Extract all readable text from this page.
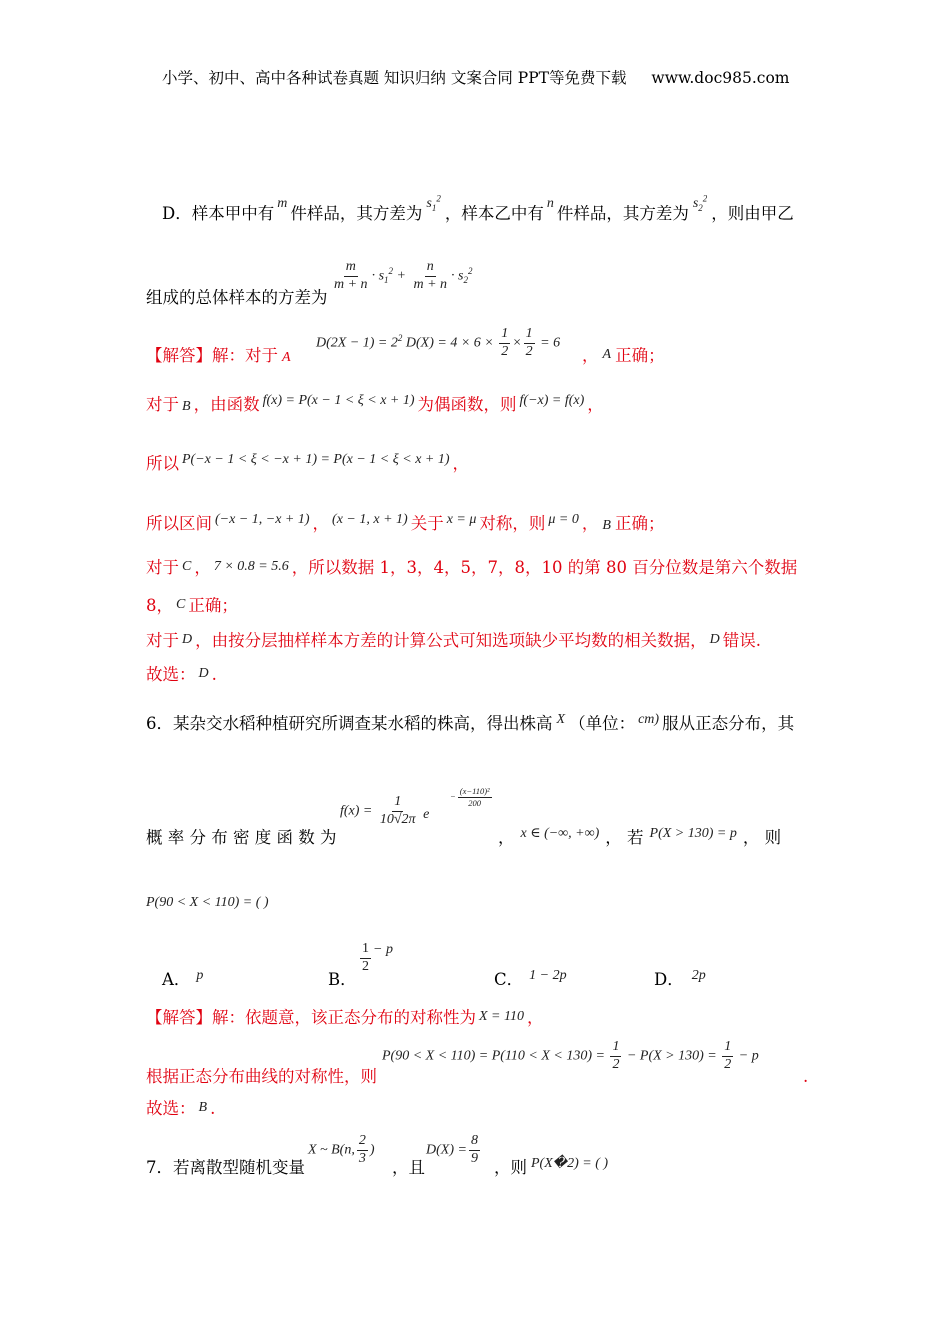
小学、初中、高中各种试卷真题 知识归纳 文案合同 PPT等免费下载 www.doc985.com
D．样本甲中有$^m$件样品，其方差为$^{s_1^2}$，样本乙中有$^n$件样品，其方差为$^{s_2^2}$，则由甲乙
组成的总体样本的方差为
$\frac{m}{m + n} \cdot s_1^2 + \frac{n}{m + n} \cdot s_2^2$
【解答】解：对于 A
$D(2X - 1) = 2^2$ $D(X) = 4 \times 6 \times \frac{1}{2} \times \frac{1}{2} = 6$
， A 正确；
对于 B ，由函数 $^{f(x) = P(x - 1 < \xi < x + 1)}$ 为偶函数，则 $^{f(-x) = f(x)}$ ，
所以 $^{P(-x - 1 < \xi < -x + 1) = P(x - 1 < \xi < x + 1)}$ ，
所以区间 $^{(-x - 1, -x + 1)}$ ， $^{(x - 1, x + 1)}$ 关于 $^{x = \mu}$ 对称，则 $^{\mu = 0}$ ， B 正确；
对于 C ， 7 × 0.8 = 5.6 ，所以数据 1，3，4，5，7，8，10 的第 80 百分位数是第六个数据
8， C 正确；
对于 D ，由按分层抽样样本方差的计算公式可知选项缺少平均数的相关数据， D 错误.
故选： D .
6．某杂交水稻种植研究所调查某水稻的株高，得出株高 $^X$ （单位： $^{cm)}$ 服从正态分布，其
概 率 分 布 密 度 函 数 为
$f(x) = \frac{1}{10√2\pi}$ e
− $\frac{\text{(x−110)²}}{200}$
， $^{x \in (-\infty, +\infty)}$ ， 若 $^{P(X > 130) = p}$ ， 则
P(90 < X < 110) = ( )
A． $^p$	B．
$\frac{1}{2} - p$
C． $^{1 - 2p}$	D． $^{2p}$
【解答】解：依题意，该正态分布的对称性为 X = 110 ，
根据正态分布曲线的对称性，则
$P(90 < X < 110) = P(110 < X < 130) = \frac{1}{2} - P(X > 130) = \frac{1}{2} - p$
.
故选： B .
7．若离散型随机变量
X ~ B(n, $\frac{2}{3}$ )
，且
$D(X) = \frac{8}{9}$
，则 $^{P(X�2) = ( )}$
